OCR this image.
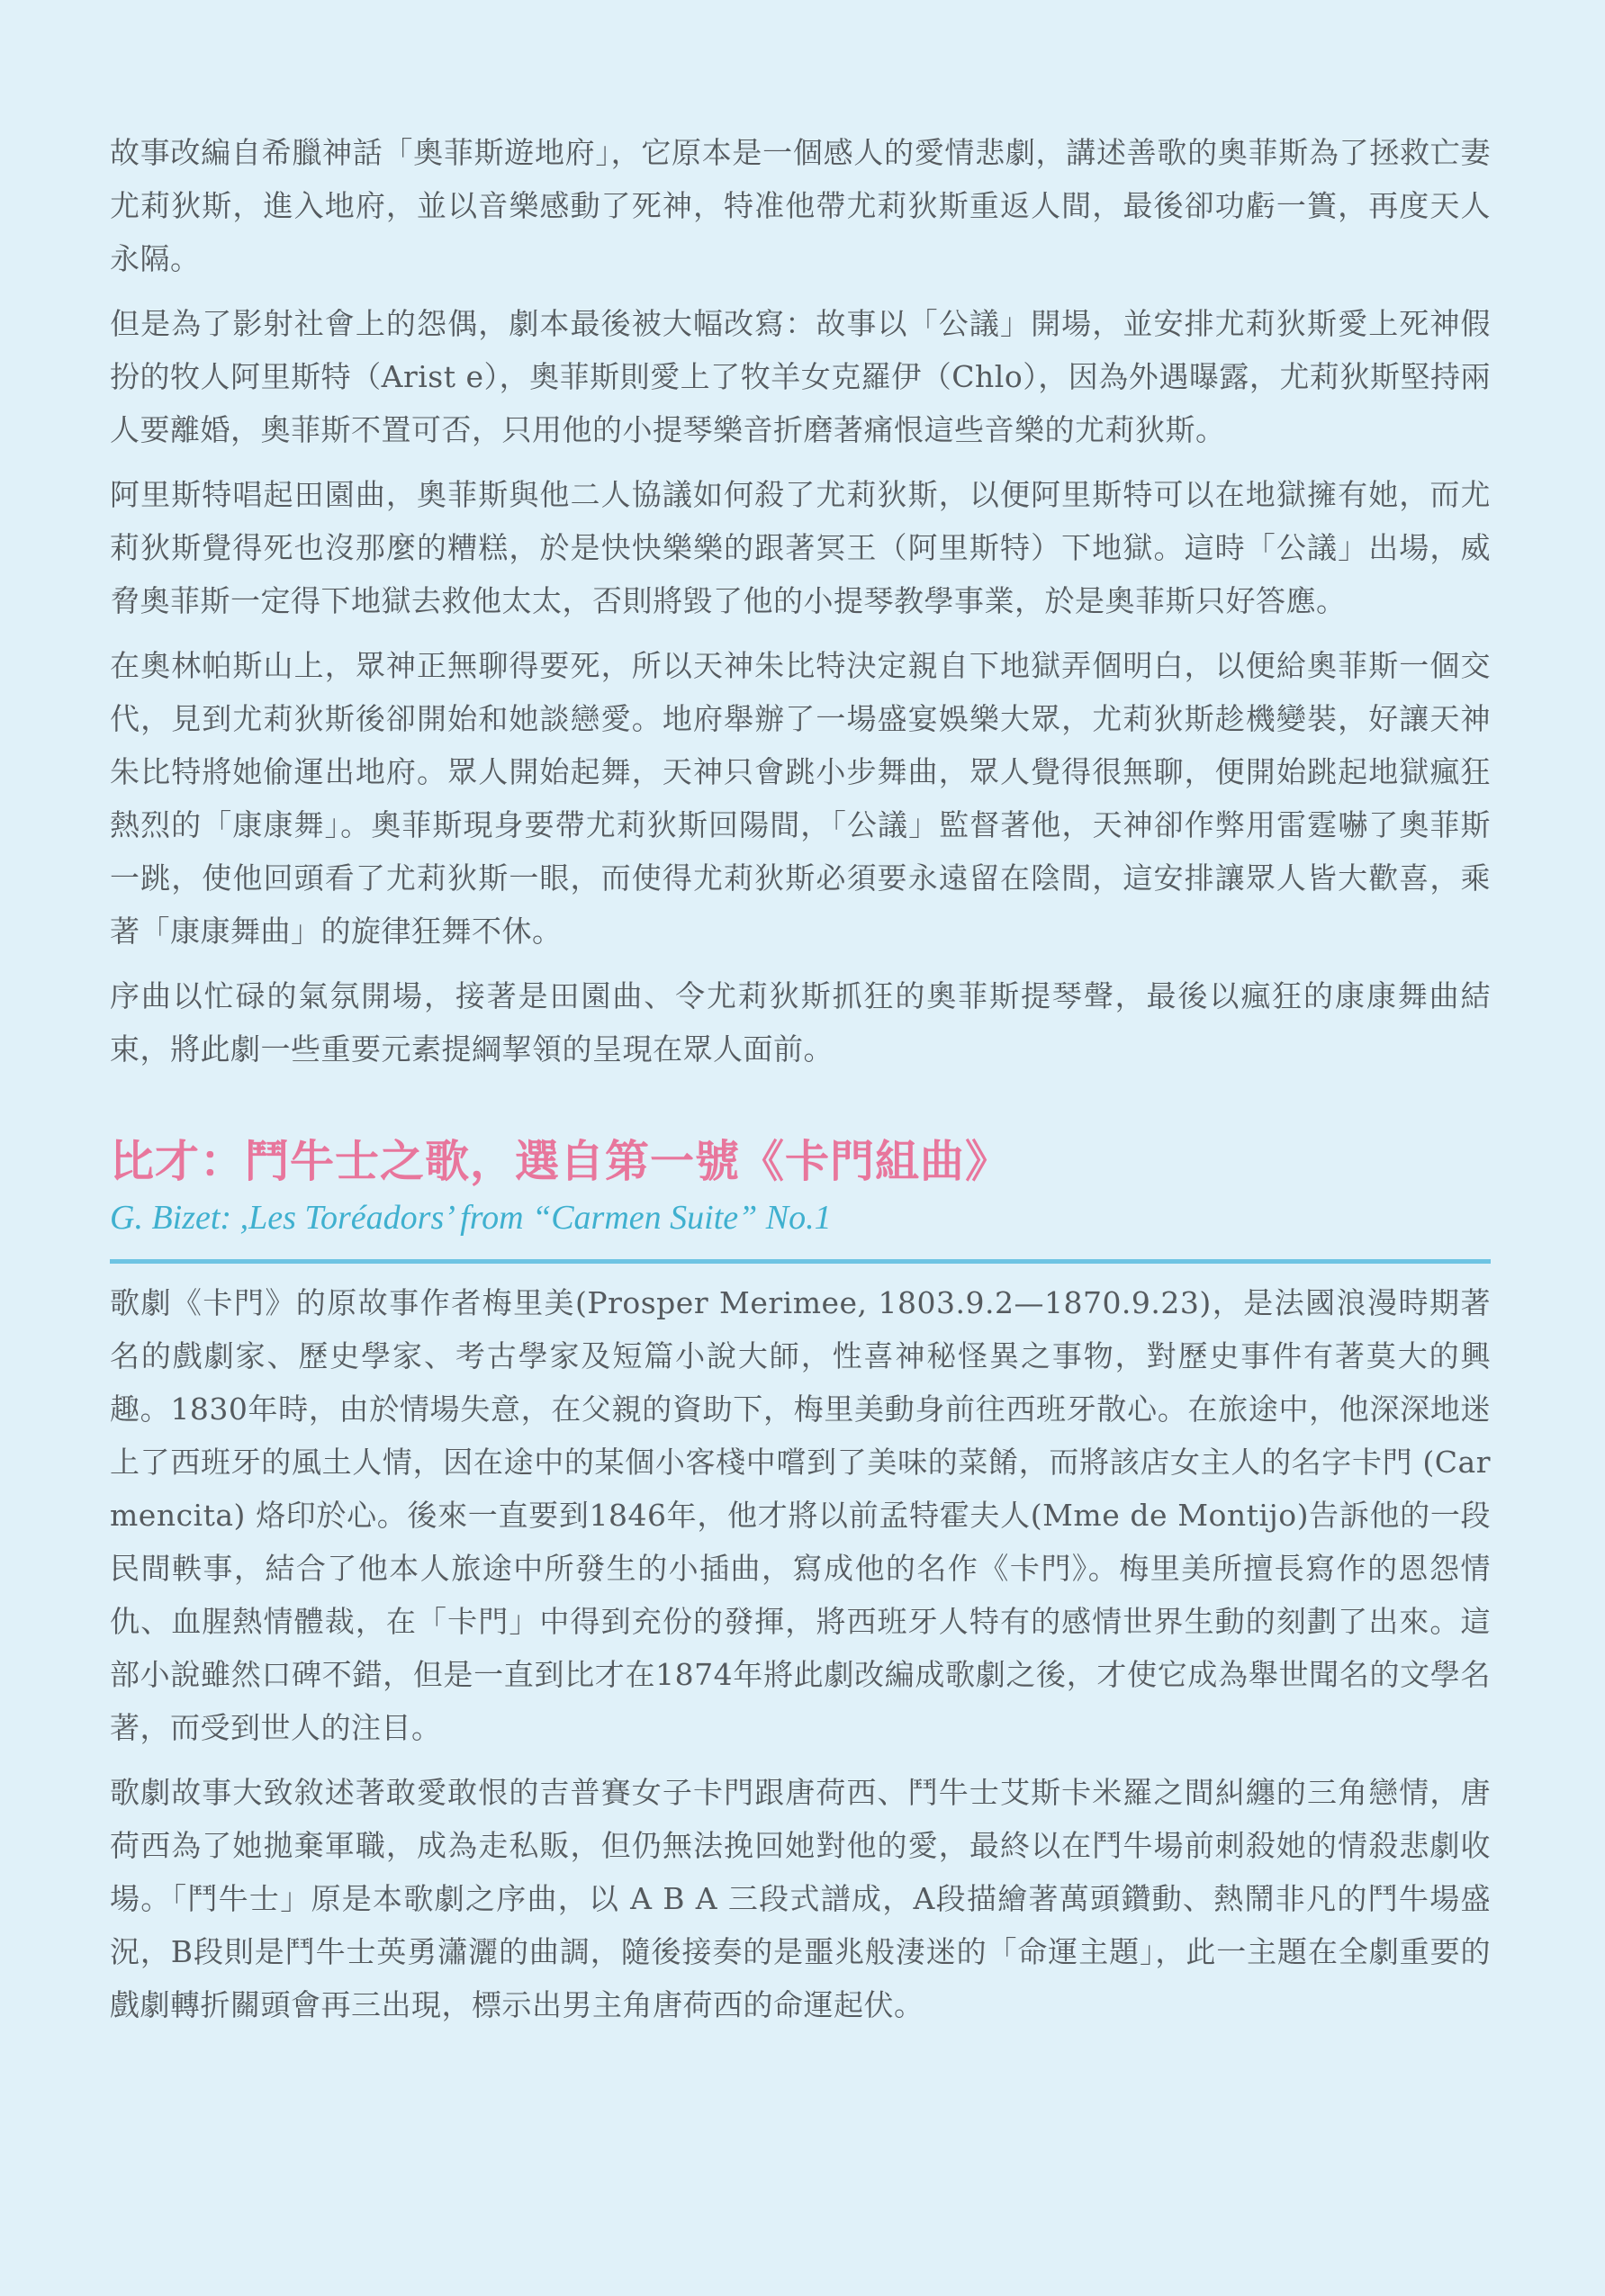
故事改編自希臘神話「奧菲斯遊地府」，它原本是一個感人的愛情悲劇，講述善歌的奧菲斯為了拯救亡妻尤莉狄斯，進入地府，並以音樂感動了死神，特准他帶尤莉狄斯重返人間，最後卻功虧一簣，再度天人永隔。

但是為了影射社會上的怨偶，劇本最後被大幅改寫：故事以「公議」開場，並安排尤莉狄斯愛上死神假扮的牧人阿里斯特（Arist e），奧菲斯則愛上了牧羊女克羅伊（Chlo），因為外遇曝露，尤莉狄斯堅持兩人要離婚，奧菲斯不置可否，只用他的小提琴樂音折磨著痛恨這些音樂的尤莉狄斯。

阿里斯特唱起田園曲，奧菲斯與他二人協議如何殺了尤莉狄斯，以便阿里斯特可以在地獄擁有她，而尤莉狄斯覺得死也沒那麼的糟糕，於是快快樂樂的跟著冥王（阿里斯特）下地獄。這時「公議」出場，威脅奧菲斯一定得下地獄去救他太太，否則將毀了他的小提琴教學事業，於是奧菲斯只好答應。

在奧林帕斯山上，眾神正無聊得要死，所以天神朱比特決定親自下地獄弄個明白，以便給奧菲斯一個交代，見到尤莉狄斯後卻開始和她談戀愛。地府舉辦了一場盛宴娛樂大眾，尤莉狄斯趁機變裝，好讓天神朱比特將她偷運出地府。眾人開始起舞，天神只會跳小步舞曲，眾人覺得很無聊，便開始跳起地獄瘋狂熱烈的「康康舞」。奧菲斯現身要帶尤莉狄斯回陽間，「公議」監督著他，天神卻作弊用雷霆嚇了奧菲斯一跳，使他回頭看了尤莉狄斯一眼，而使得尤莉狄斯必須要永遠留在陰間，這安排讓眾人皆大歡喜，乘著「康康舞曲」的旋律狂舞不休。

序曲以忙碌的氣氛開場，接著是田園曲、令尤莉狄斯抓狂的奧菲斯提琴聲，最後以瘋狂的康康舞曲結束，將此劇一些重要元素提綱挈領的呈現在眾人面前。

比才：鬥牛士之歌，選自第一號《卡門組曲》
G. Bizet: ,Les Toréadors’ from “Carmen Suite” No.1

歌劇《卡門》的原故事作者梅里美(Prosper Merimee, 1803.9.2—1870.9.23)，是法國浪漫時期著名的戲劇家、歷史學家、考古學家及短篇小說大師，性喜神秘怪異之事物，對歷史事件有著莫大的興趣。1830年時，由於情場失意，在父親的資助下，梅里美動身前往西班牙散心。在旅途中，他深深地迷上了西班牙的風土人情，因在途中的某個小客棧中嚐到了美味的菜餚，而將該店女主人的名字卡門 (Carmencita) 烙印於心。後來一直要到1846年，他才將以前孟特霍夫人(Mme de Montijo)告訴他的一段民間軼事，結合了他本人旅途中所發生的小插曲，寫成他的名作《卡門》。梅里美所擅長寫作的恩怨情仇、血腥熱情體裁，在「卡門」中得到充份的發揮，將西班牙人特有的感情世界生動的刻劃了出來。這部小說雖然口碑不錯，但是一直到比才在1874年將此劇改編成歌劇之後，才使它成為舉世聞名的文學名著，而受到世人的注目。

歌劇故事大致敘述著敢愛敢恨的吉普賽女子卡門跟唐荷西、鬥牛士艾斯卡米羅之間糾纏的三角戀情，唐荷西為了她拋棄軍職，成為走私販，但仍無法挽回她對他的愛，最終以在鬥牛場前刺殺她的情殺悲劇收場。「鬥牛士」原是本歌劇之序曲，以 A B A 三段式譜成，A段描繪著萬頭鑽動、熱鬧非凡的鬥牛場盛況，B段則是鬥牛士英勇瀟灑的曲調，隨後接奏的是噩兆般淒迷的「命運主題」，此一主題在全劇重要的戲劇轉折關頭會再三出現，標示出男主角唐荷西的命運起伏。
